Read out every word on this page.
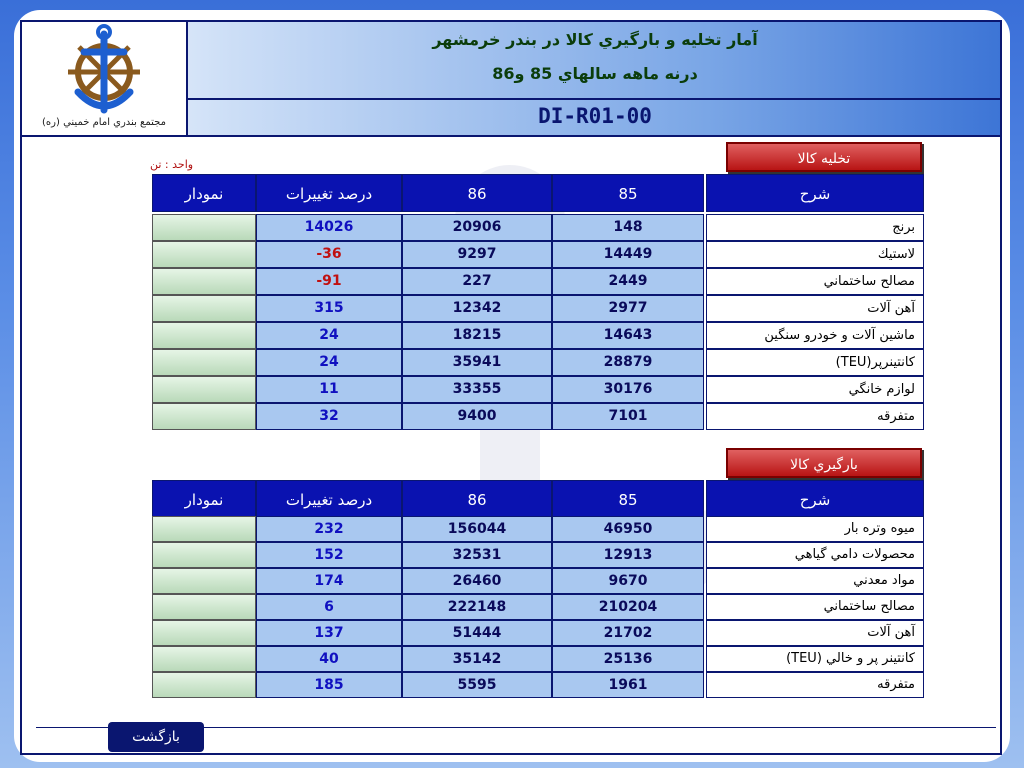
مجتمع بندري امام خميني (ره)
آمار تخليه و بارگيري كالا در بندر خرمشهر
درنه ماهه سالهاي 85 و86
DI-R01-00
تخليه كالا
واحد : تن
نمودار	درصد تغييرات	86	85	شرح
14026	20906	148	برنج
-36	9297	14449	لاستيك
-91	227	2449	مصالح ساختماني
315	12342	2977	آهن آلات
24	18215	14643	ماشين آلات و خودرو سنگين
24	35941	28879	كانتينرپر(TEU)
11	33355	30176	لوازم خانگي
32	9400	7101	متفرقه
بارگيري كالا
نمودار	درصد تغييرات	86	85	شرح
232	156044	46950	ميوه وتره بار
152	32531	12913	محصولات دامي گياهي
174	26460	9670	مواد معدني
6	222148	210204	مصالح ساختماني
137	51444	21702	آهن آلات
40	35142	25136	كانتينر پر و خالي (TEU)
185	5595	1961	متفرقه
بازگشت
